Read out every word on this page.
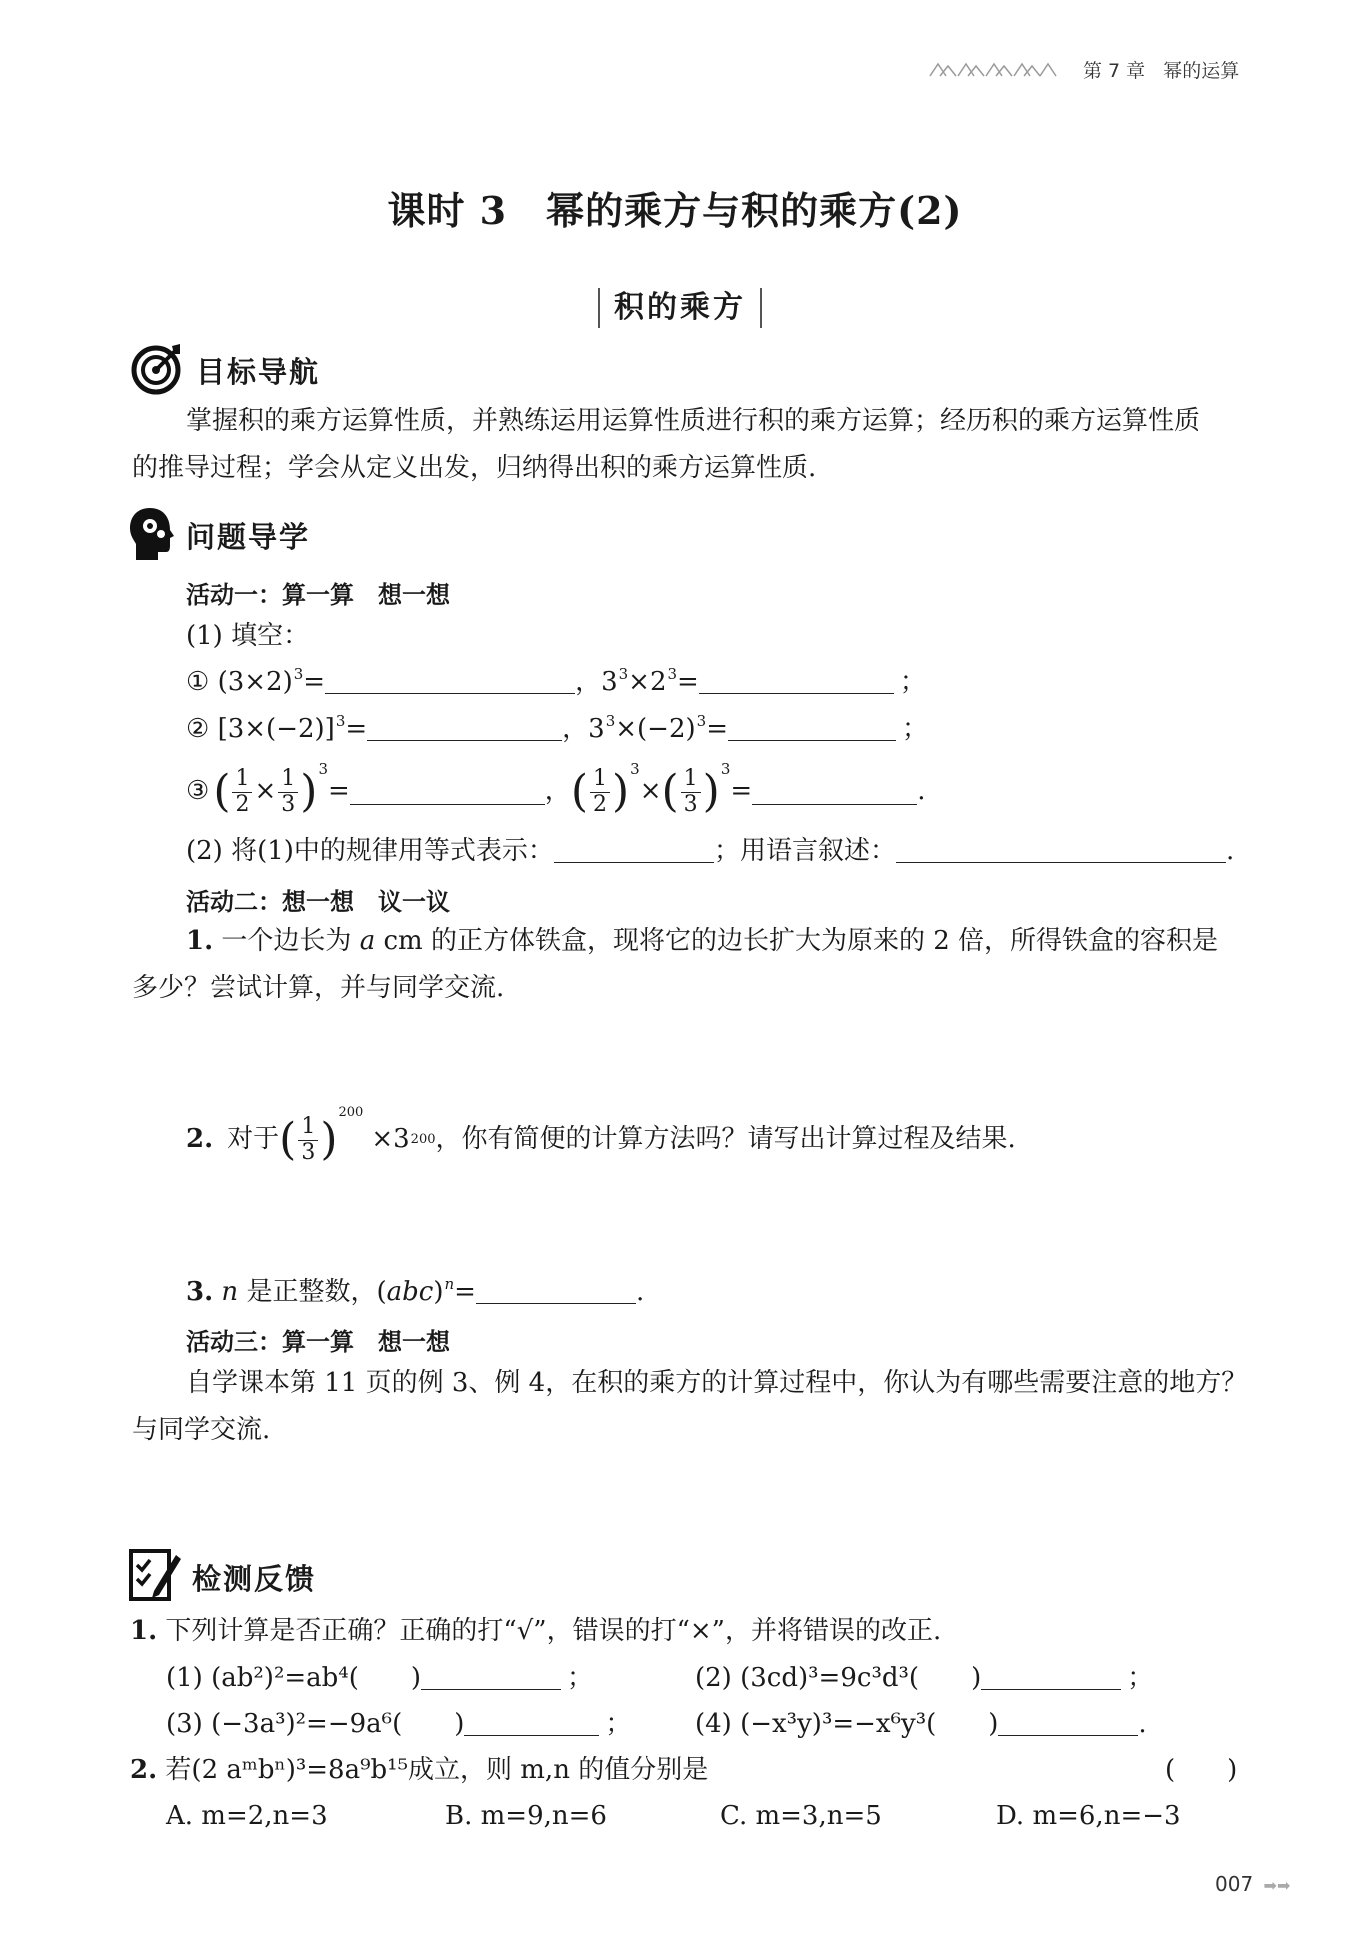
第 7 章 幂的运算
课时 3　幂的乘方与积的乘方(2)
积的乘方
目标导航
掌握积的乘方运算性质，并熟练运用运算性质进行积的乘方运算；经历积的乘方运算性质
的推导过程；学会从定义出发，归纳得出积的乘方运算性质.
问题导学
活动一：算一算　想一想
(1) 填空：
① $(3\times 2)^3=$	，$3^3\times 2^3=$	；
② $[3\times(-2)]^3=$	，$3^3\times(-2)^3=$	；
③ ( $\frac{1}{2} \times \frac{1}{3}$ ) 3
=	， ( $\frac{1}{2}$ ) 3
× ( $\frac{1}{3}$ ) 3
=	.
(2) 将(1)中的规律用等式表示：	；用语言叙述：	.
活动二：想一想　议一议
1. 一个边长为 a cm 的正方体铁盒，现将它的边长扩大为原来的 2 倍，所得铁盒的容积是
多少？尝试计算，并与同学交流.
2. 对于 ( $\frac{1}{3}$ )
200
×3 200 ，你有简便的计算方法吗？请写出计算过程及结果.
3. n 是正整数，(abc)$^n$=	.
活动三：算一算　想一想
自学课本第 11 页的例 3、例 4，在积的乘方的计算过程中，你认为有哪些需要注意的地方？
与同学交流.
检测反馈
1. 下列计算是否正确？正确的打“√”，错误的打“×”，并将错误的改正.
(1) (ab²)²=ab⁴(　　)	；	(2) (3cd)³=9c³d³(　　)	；
(3) (−3a³)²=−9a⁶(　　)	； (4) (−x³y)³=−x⁶y³(　　)	.
2. 若(2 aᵐbⁿ)³=8a⁹b¹⁵成立，则 m,n 的值分别是	(　　)
A. m=2,n=3	B. m=9,n=6	C. m=3,n=5	D. m=6,n=−3
007 ➡➡
